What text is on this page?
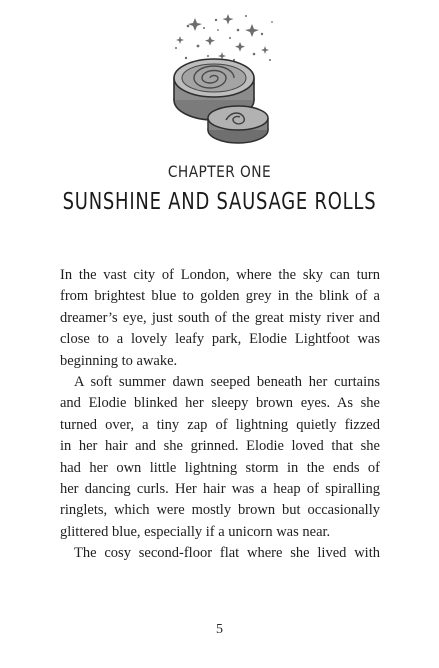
CHAPTER ONE
SUNSHINE AND SAUSAGE ROLLS

In the vast city of London, where the sky can turn
from brightest blue to golden grey in the blink of a
dreamer’s eye, just south of the great misty river and
close to a lovely leafy park, Elodie Lightfoot was
beginning to awake.

A soft summer dawn seeped beneath her curtains
and Elodie blinked her sleepy brown eyes. As she
turned over, a tiny zap of lightning quietly fizzed
in her hair and she grinned. Elodie loved that she
had her own little lightning storm in the ends of
her dancing curls. Her hair was a heap of spiralling
ringlets, which were mostly brown but occasionally
glittered blue, especially if a unicorn was near.

The cosy second-floor flat where she lived with

5
